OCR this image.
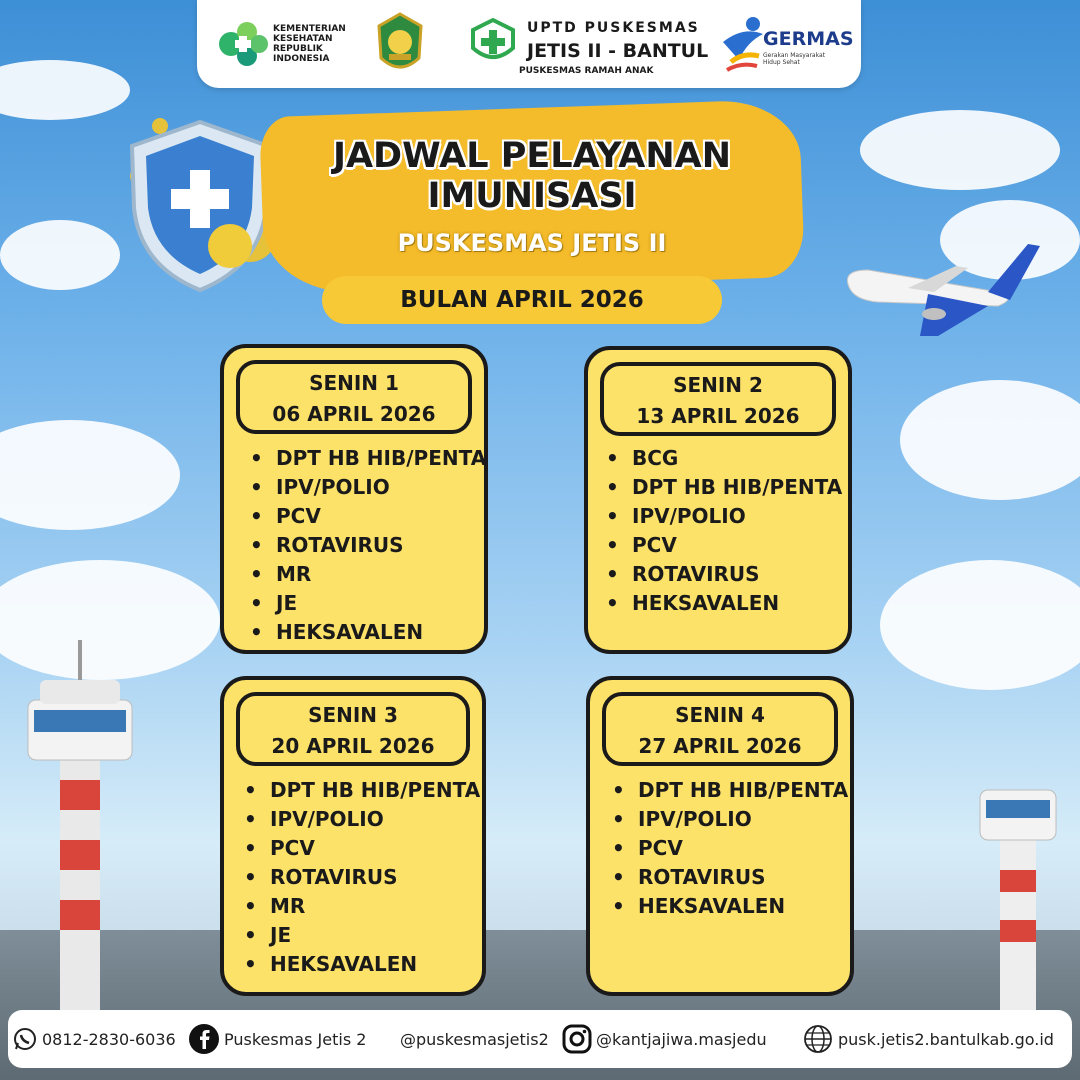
KEMENTERIAN KESEHATAN REPUBLIK INDONESIA
UPTD PUSKESMAS
JETIS II - BANTUL
PUSKESMAS RAMAH ANAK
GERMAS
Gerakan Masyarakat Hidup Sehat
JADWAL PELAYANAN
IMUNISASI
PUSKESMAS JETIS II
BULAN APRIL 2026
SENIN 1
06 APRIL 2026
• DPT HB HIB/PENTA
• IPV/POLIO
• PCV
• ROTAVIRUS
• MR
• JE
• HEKSAVALEN
SENIN 2
13 APRIL 2026
• BCG
• DPT HB HIB/PENTA
• IPV/POLIO
• PCV
• ROTAVIRUS
• HEKSAVALEN
SENIN 3
20 APRIL 2026
• DPT HB HIB/PENTA
• IPV/POLIO
• PCV
• ROTAVIRUS
• MR
• JE
• HEKSAVALEN
SENIN 4
27 APRIL 2026
• DPT HB HIB/PENTA
• IPV/POLIO
• PCV
• ROTAVIRUS
• HEKSAVALEN
0812-2830-6036	Puskesmas Jetis 2 @puskesmasjetis2	@kantjajiwa.masjedu	pusk.jetis2.bantulkab.go.id
